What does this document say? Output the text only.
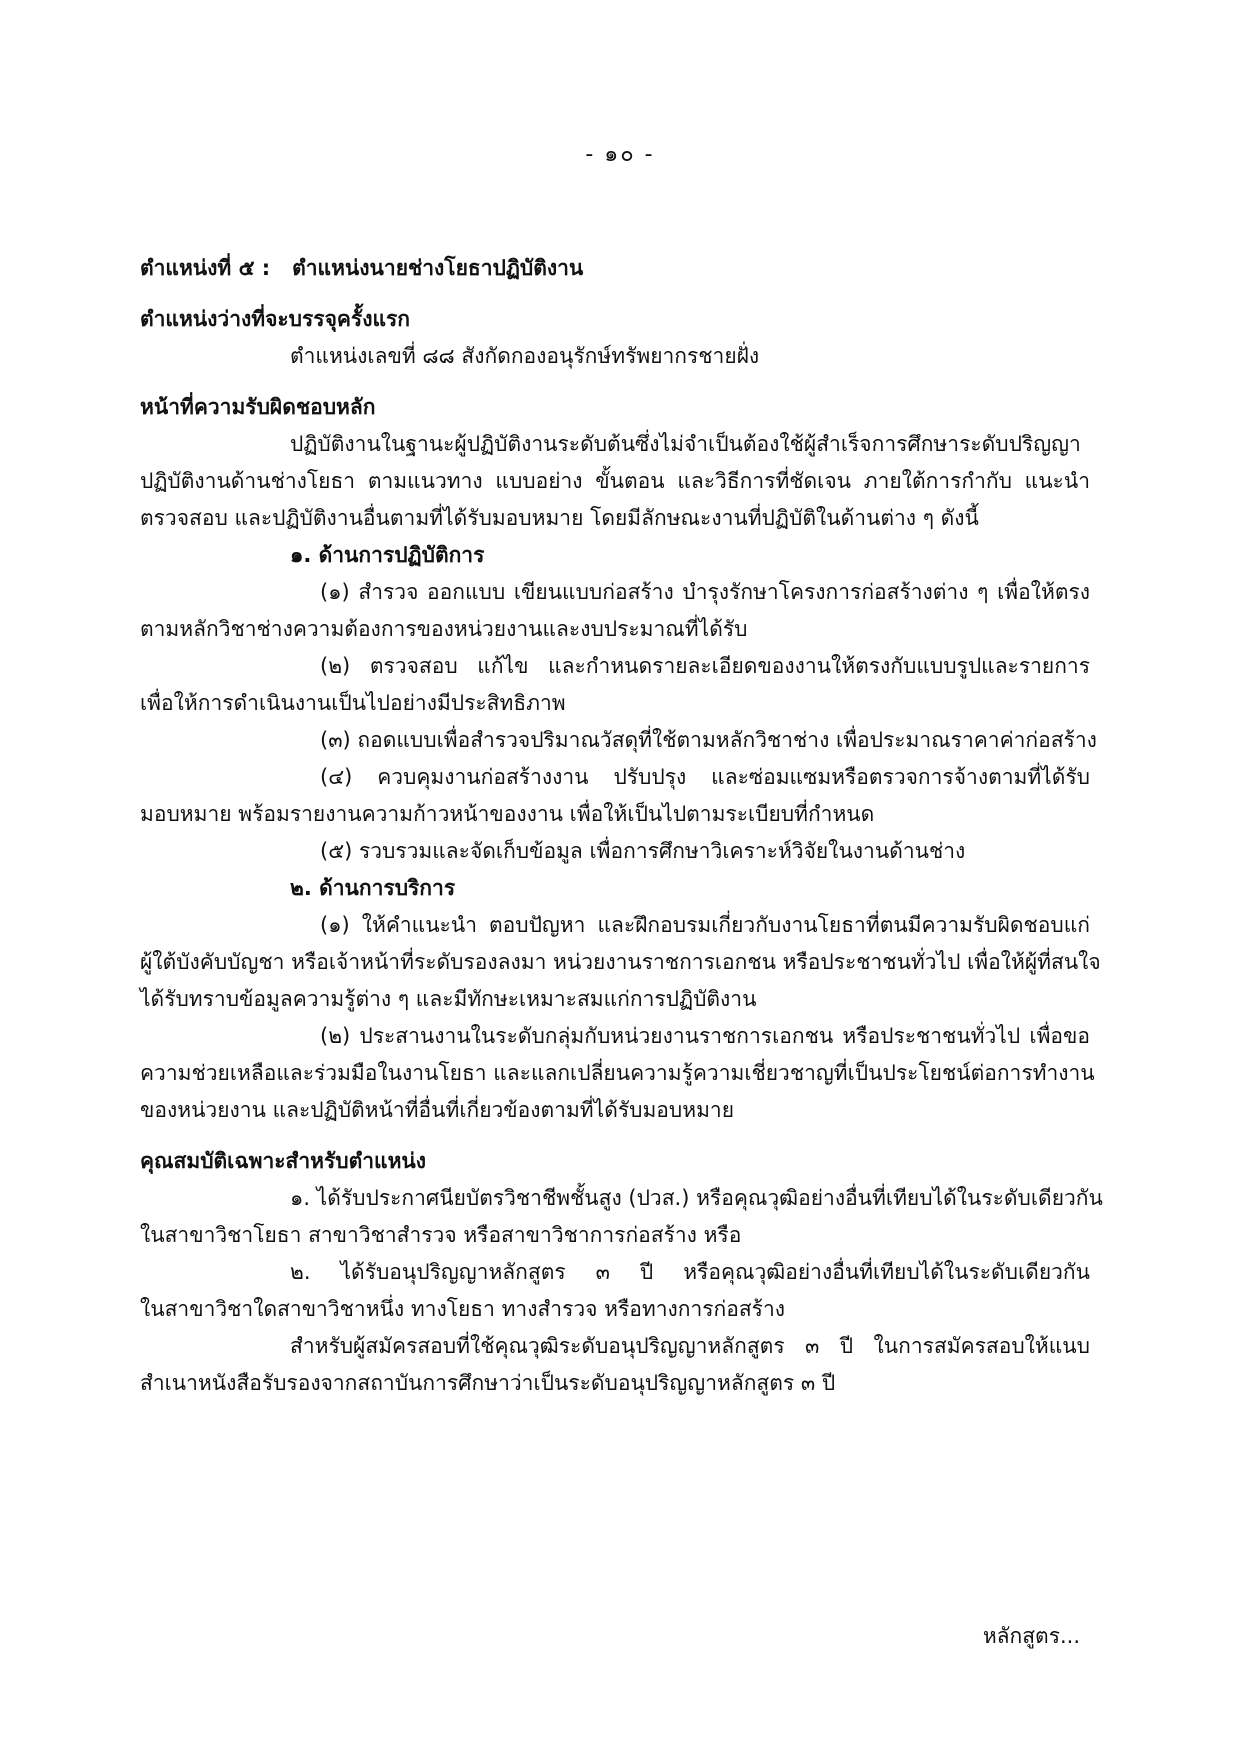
- ๑๐ -
ตำแหน่งที่ ๕ : ตำแหน่งนายช่างโยธาปฏิบัติงาน
ตำแหน่งว่างที่จะบรรจุครั้งแรก
ตำแหน่งเลขที่ ๘๘ สังกัดกองอนุรักษ์ทรัพยากรชายฝั่ง
หน้าที่ความรับผิดชอบหลัก
ปฏิบัติงานในฐานะผู้ปฏิบัติงานระดับต้นซึ่งไม่จำเป็นต้องใช้ผู้สำเร็จการศึกษาระดับปริญญา
ปฏิบัติงานด้านช่างโยธา ตามแนวทาง แบบอย่าง ขั้นตอน และวิธีการที่ชัดเจน ภายใต้การกำกับ แนะนำ
ตรวจสอบ และปฏิบัติงานอื่นตามที่ได้รับมอบหมาย โดยมีลักษณะงานที่ปฏิบัติในด้านต่าง ๆ ดังนี้
๑. ด้านการปฏิบัติการ
(๑) สำรวจ ออกแบบ เขียนแบบก่อสร้าง บำรุงรักษาโครงการก่อสร้างต่าง ๆ เพื่อให้ตรง
ตามหลักวิชาช่างความต้องการของหน่วยงานและงบประมาณที่ได้รับ
(๒) ตรวจสอบ แก้ไข และกำหนดรายละเอียดของงานให้ตรงกับแบบรูปและรายการ
เพื่อให้การดำเนินงานเป็นไปอย่างมีประสิทธิภาพ
(๓) ถอดแบบเพื่อสำรวจปริมาณวัสดุที่ใช้ตามหลักวิชาช่าง เพื่อประมาณราคาค่าก่อสร้าง
(๔) ควบคุมงานก่อสร้างงาน ปรับปรุง และซ่อมแซมหรือตรวจการจ้างตามที่ได้รับ
มอบหมาย พร้อมรายงานความก้าวหน้าของงาน เพื่อให้เป็นไปตามระเบียบที่กำหนด
(๕) รวบรวมและจัดเก็บข้อมูล เพื่อการศึกษาวิเคราะห์วิจัยในงานด้านช่าง
๒. ด้านการบริการ
(๑) ให้คำแนะนำ ตอบปัญหา และฝึกอบรมเกี่ยวกับงานโยธาที่ตนมีความรับผิดชอบแก่
ผู้ใต้บังคับบัญชา หรือเจ้าหน้าที่ระดับรองลงมา หน่วยงานราชการเอกชน หรือประชาชนทั่วไป เพื่อให้ผู้ที่สนใจ
ได้รับทราบข้อมูลความรู้ต่าง ๆ และมีทักษะเหมาะสมแก่การปฏิบัติงาน
(๒) ประสานงานในระดับกลุ่มกับหน่วยงานราชการเอกชน หรือประชาชนทั่วไป เพื่อขอ
ความช่วยเหลือและร่วมมือในงานโยธา และแลกเปลี่ยนความรู้ความเชี่ยวชาญที่เป็นประโยชน์ต่อการทำงาน
ของหน่วยงาน และปฏิบัติหน้าที่อื่นที่เกี่ยวข้องตามที่ได้รับมอบหมาย
คุณสมบัติเฉพาะสำหรับตำแหน่ง
๑. ได้รับประกาศนียบัตรวิชาชีพชั้นสูง (ปวส.) หรือคุณวุฒิอย่างอื่นที่เทียบได้ในระดับเดียวกัน
ในสาขาวิชาโยธา สาขาวิชาสำรวจ หรือสาขาวิชาการก่อสร้าง หรือ
๒. ได้รับอนุปริญญาหลักสูตร ๓ ปี หรือคุณวุฒิอย่างอื่นที่เทียบได้ในระดับเดียวกัน
ในสาขาวิชาใดสาขาวิชาหนึ่ง ทางโยธา ทางสำรวจ หรือทางการก่อสร้าง
สำหรับผู้สมัครสอบที่ใช้คุณวุฒิระดับอนุปริญญาหลักสูตร ๓ ปี ในการสมัครสอบให้แนบ
สำเนาหนังสือรับรองจากสถาบันการศึกษาว่าเป็นระดับอนุปริญญาหลักสูตร ๓ ปี
หลักสูตร...
